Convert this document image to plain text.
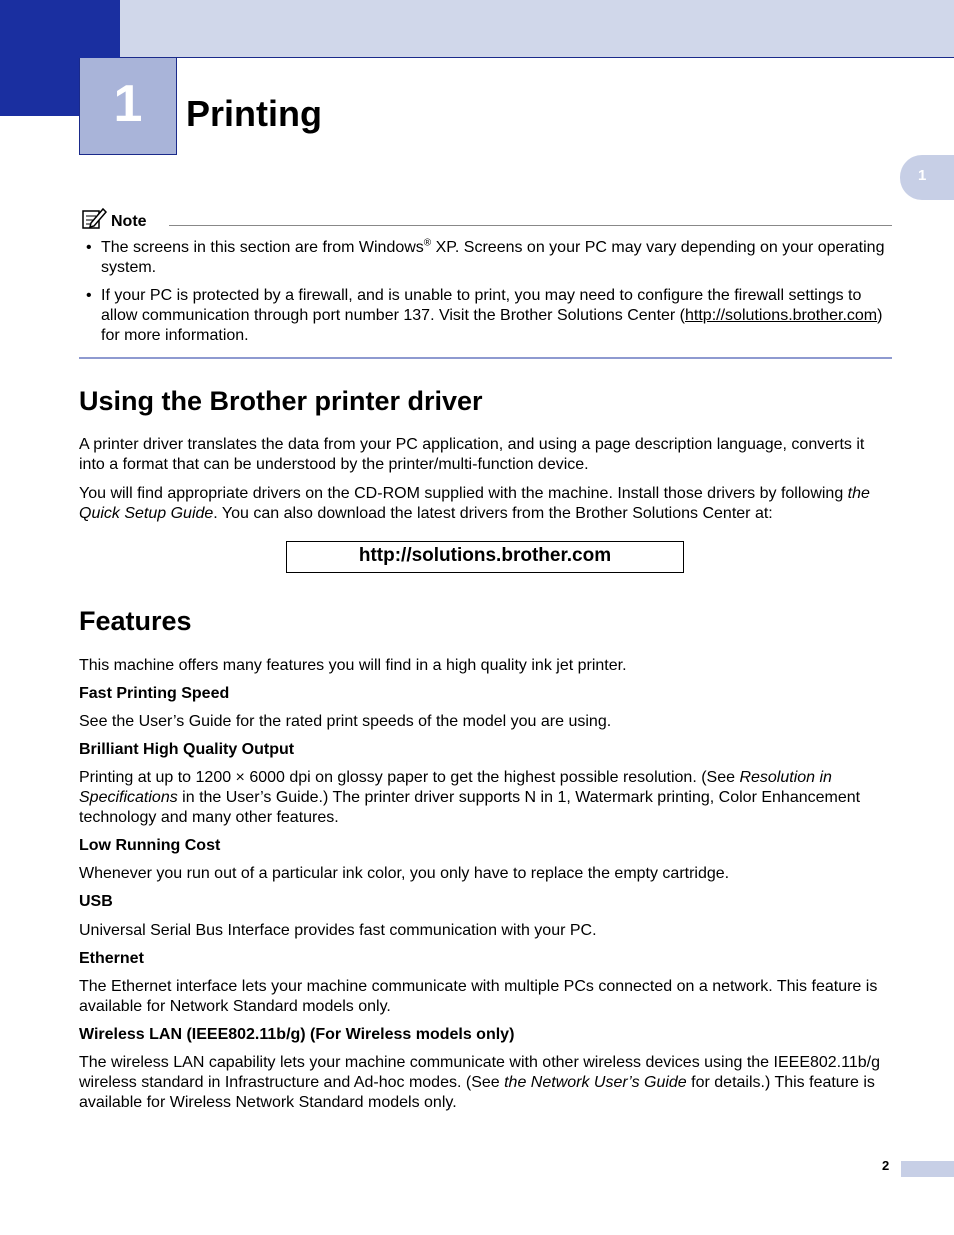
1	Printing
1
Note
• The screens in this section are from Windows® XP. Screens on your PC may vary depending on your operating system.
• If your PC is protected by a firewall, and is unable to print, you may need to configure the firewall settings to allow communication through port number 137. Visit the Brother Solutions Center (http://solutions.brother.com) for more information.
Using the Brother printer driver
A printer driver translates the data from your PC application, and using a page description language, converts it into a format that can be understood by the printer/multi-function device.
You will find appropriate drivers on the CD-ROM supplied with the machine. Install those drivers by following the Quick Setup Guide. You can also download the latest drivers from the Brother Solutions Center at:
http://solutions.brother.com
Features
This machine offers many features you will find in a high quality ink jet printer.
Fast Printing Speed
See the User’s Guide for the rated print speeds of the model you are using.
Brilliant High Quality Output
Printing at up to 1200 × 6000 dpi on glossy paper to get the highest possible resolution. (See Resolution in Specifications in the User’s Guide.) The printer driver supports N in 1, Watermark printing, Color Enhancement technology and many other features.
Low Running Cost
Whenever you run out of a particular ink color, you only have to replace the empty cartridge.
USB
Universal Serial Bus Interface provides fast communication with your PC.
Ethernet
The Ethernet interface lets your machine communicate with multiple PCs connected on a network. This feature is available for Network Standard models only.
Wireless LAN (IEEE802.11b/g) (For Wireless models only)
The wireless LAN capability lets your machine communicate with other wireless devices using the IEEE802.11b/g wireless standard in Infrastructure and Ad-hoc modes. (See the Network User’s Guide for details.) This feature is available for Wireless Network Standard models only.
2
